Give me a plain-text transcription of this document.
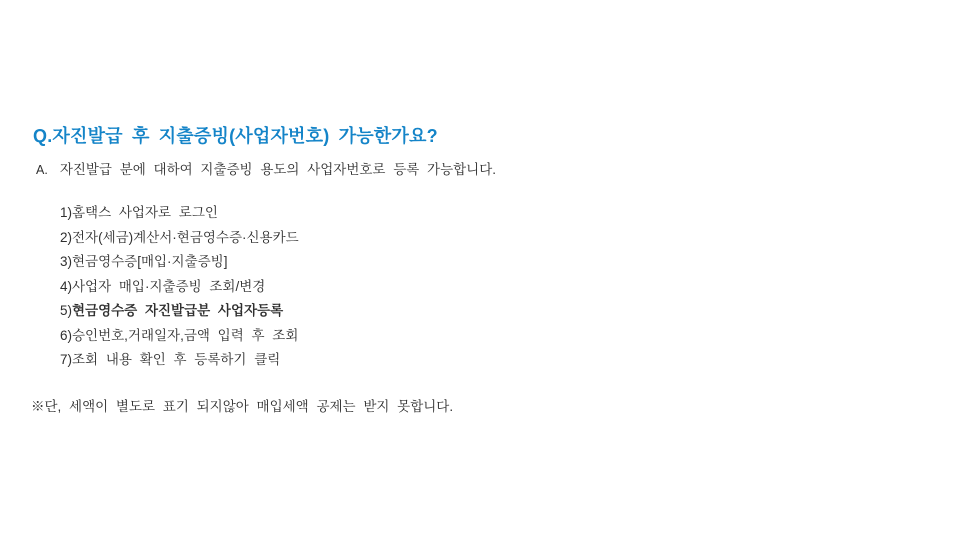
Q.자진발급 후 지출증빙(사업자번호) 가능한가요?
A. 자진발급 분에 대하여 지출증빙 용도의 사업자번호로 등록 가능합니다.
1)홈택스 사업자로 로그인
2)전자(세금)계산서·현금영수증·신용카드
3)현금영수증[매입·지출증빙]
4)사업자 매입·지출증빙 조회/변경
5)현금영수증 자진발급분 사업자등록
6)승인번호,거래일자,금액 입력 후 조회
7)조회 내용 확인 후 등록하기 클릭
※단, 세액이 별도로 표기 되지않아 매입세액 공제는 받지 못합니다.
